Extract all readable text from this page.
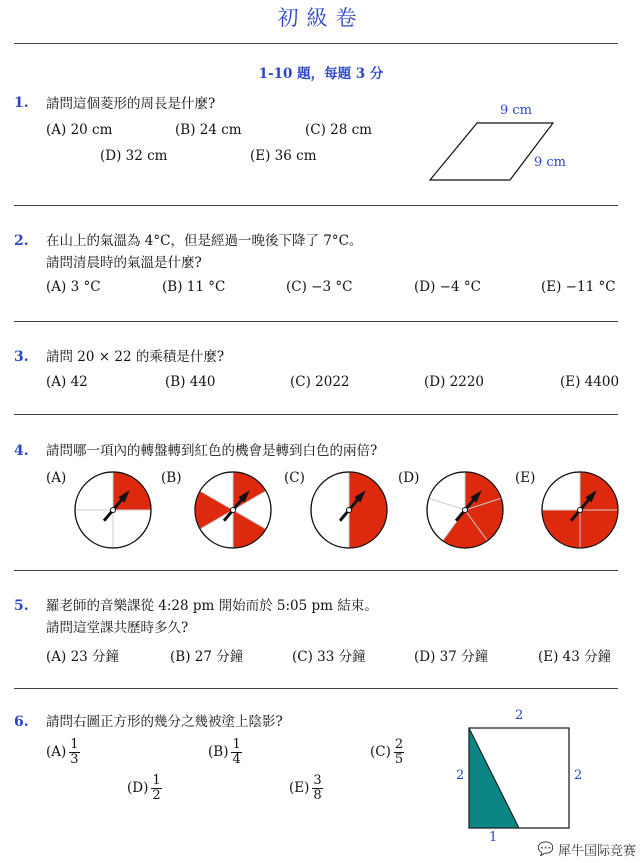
初級卷
1-10 題，每題 3 分
1. 請問這個菱形的周長是什麼?
(A) 20 cm	(B) 24 cm	(C) 28 cm
(D) 32 cm	(E) 36 cm
9 cm
9 cm
2. 在山上的氣溫為 4°C，但是經過一晚後下降了 7°C。
請問清晨時的氣溫是什麼?
(A) 3 °C	(B) 11 °C	(C) −3 °C	(D) −4 °C	(E) −11 °C
3. 請問 20 × 22 的乘積是什麼?
(A) 42	(B) 440	(C) 2022	(D) 2220	(E) 4400
4. 請問哪一項內的轉盤轉到紅色的機會是轉到白色的兩倍?
(A)	(B)	(C)	(D)	(E)
5. 羅老師的音樂課從 4:28 pm 開始而於 5:05 pm 結束。
請問這堂課共歷時多久?
(A) 23 分鐘	(B) 27 分鐘	(C) 33 分鐘	(D) 37 分鐘	(E) 43 分鐘
6. 請問右圖正方形的幾分之幾被塗上陰影?
$(A) \frac{1}{3}$	$(B) \frac{1}{4}$	$(C) \frac{2}{5}$
$(D) \frac{1}{2}$	$(E) \frac{3}{8}$
2
2	2
1
💬 犀牛国际竞赛
